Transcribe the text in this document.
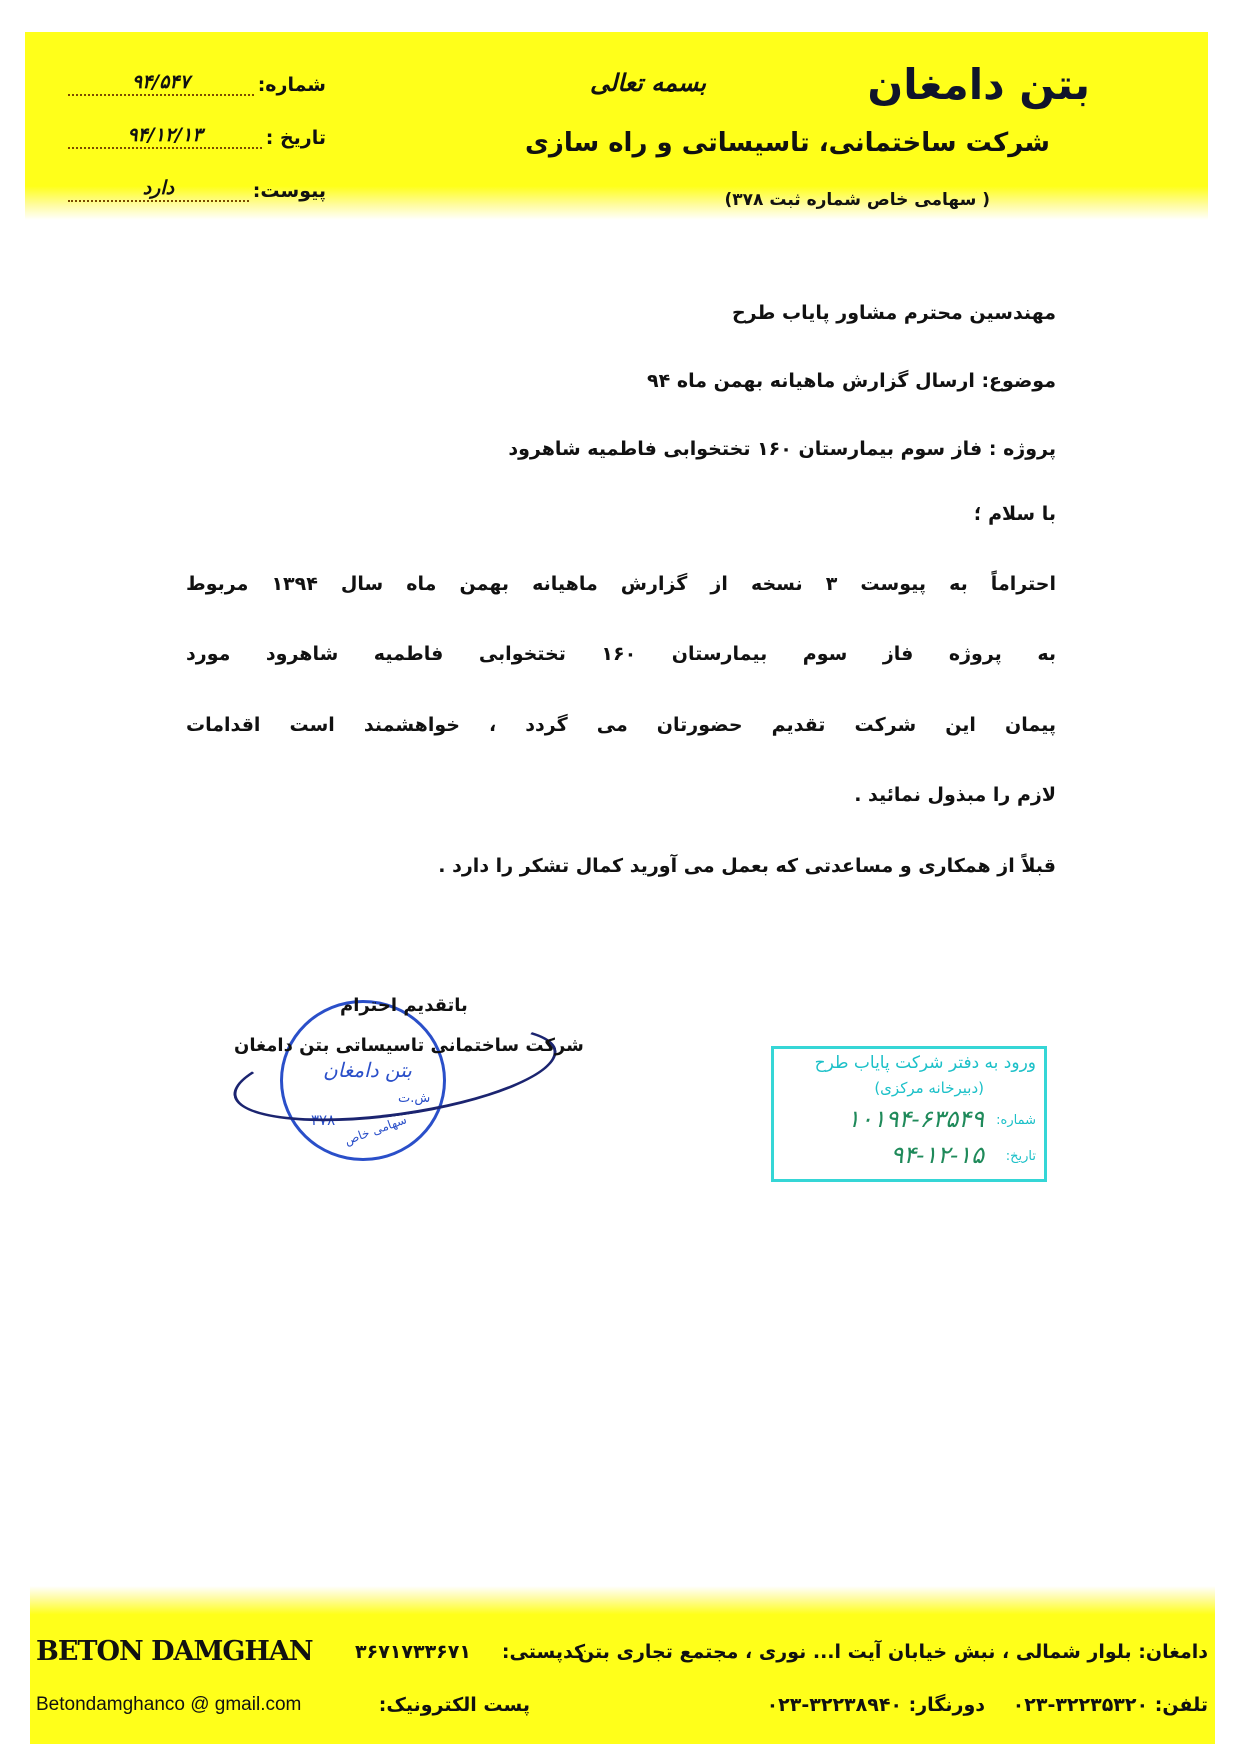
بتن دامغان
شرکت ساختمانی، تاسیساتی و راه سازی
( سهامی خاص شماره ثبت ۳۷۸)
بسمه تعالی
شماره:
۹۴/۵۴۷
تاریخ :
۹۴/۱۲/۱۳
پیوست:
دارد
مهندسین محترم مشاور پایاب طرح
موضوع: ارسال گزارش ماهیانه بهمن ماه ۹۴
پروژه : فاز سوم بیمارستان ۱۶۰ تختخوابی فاطمیه شاهرود
با سلام ؛
احتراماً به پیوست ۳ نسخه از گزارش ماهیانه بهمن ماه سال ۱۳۹۴ مربوط
به پروژه فاز سوم بیمارستان ۱۶۰ تختخوابی فاطمیه شاهرود مورد
پیمان این شرکت تقدیم حضورتان می گردد ، خواهشمند است اقدامات
لازم را مبذول نمائید .
قبلاً از همکاری و مساعدتی که بعمل می آورید کمال تشکر را دارد .
بتن دامغان
ش.ت
۳۷۸ سهامی خاص
باتقدیم احترام
شرکت ساختمانی تاسیساتی بتن دامغان
ورود به دفتر شرکت پایاب طرح
(دبیرخانه مرکزی)
شماره:
۱۰۱۹۴-۶۳۵۴۹
تاریخ:
۹۴-۱۲-۱۵
دامغان: بلوار شمالی ، نبش خیابان آیت ا... نوری ، مجتمع تجاری بتن
کدپستی:
۳۶۷۱۷۳۳۶۷۱
BETON DAMGHAN
تلفن: ۳۲۲۳۵۳۲۰-۰۲۳
دورنگار: ۳۲۲۳۸۹۴۰-۰۲۳
پست الکترونیک:
Betondamghanco @ gmail.com
